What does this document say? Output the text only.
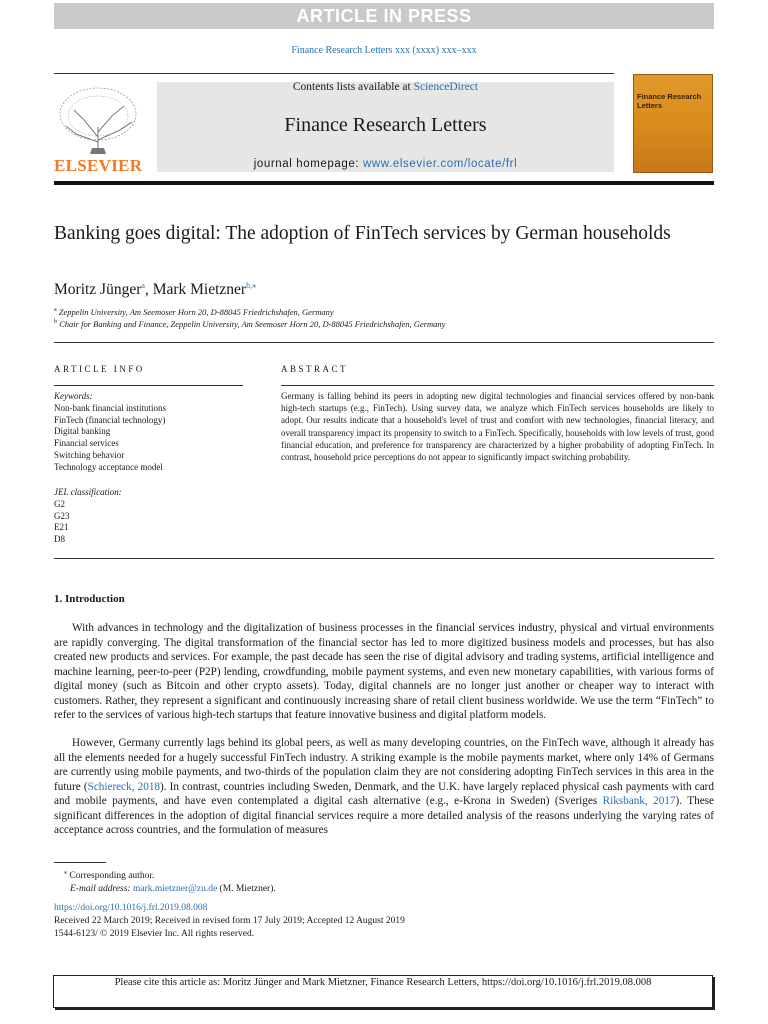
ARTICLE IN PRESS
Finance Research Letters xxx (xxxx) xxx–xxx
ELSEVIER
Contents lists available at ScienceDirect
Finance Research Letters
journal homepage: www.elsevier.com/locate/frl
Finance Research Letters
Banking goes digital: The adoption of FinTech services by German households
Moritz Jünger$^a$, Mark Mietzner$^{b,⁎}$
$^a$ Zeppelin University, Am Seemoser Horn 20, D-88045 Friedrichshafen, Germany
$^b$ Chair for Banking and Finance, Zeppelin University, Am Seemoser Horn 20, D-88045 Friedrichshafen, Germany
ARTICLE INFO	ABSTRACT
Keywords:
Non-bank financial institutions
FinTech (financial technology)
Digital banking
Financial services
Switching behavior
Technology acceptance model
JEL classification:
G2
G23
E21
D8
Germany is falling behind its peers in adopting new digital technologies and financial services offered by non-bank high-tech startups (e.g., FinTech). Using survey data, we analyze which FinTech services households are likely to adopt. Our results indicate that a household's level of trust and comfort with new technologies, financial literacy, and overall transparency impact its propensity to switch to a FinTech. Specifically, households with low levels of trust, good financial education, and preference for transparency are characterized by a higher probability of adopting FinTech. In contrast, household price perceptions do not appear to significantly impact switching probability.
1. Introduction
With advances in technology and the digitalization of business processes in the financial services industry, physical and virtual environments are rapidly converging. The digital transformation of the financial sector has led to more digitized business models and processes, but has also created new products and services. For example, the past decade has seen the rise of digital advisory and trading systems, artificial intelligence and machine learning, peer-to-peer (P2P) lending, crowdfunding, mobile payment systems, and even new monetary capabilities, with various forms of digital money (such as Bitcoin and other crypto assets). Today, digital channels are no longer just another or cheaper way to interact with customers. Rather, they represent a significant and continuously increasing share of retail client business worldwide. We use the term “FinTech” to refer to the services of various high-tech startups that feature innovative business and digital platform models.
However, Germany currently lags behind its global peers, as well as many developing countries, on the FinTech wave, although it already has all the elements needed for a hugely successful FinTech industry. A striking example is the mobile payments market, where only 14% of Germans are currently using mobile payments, and two-thirds of the population claim they are not considering adopting FinTech services in this area in the future (Schiereck, 2018). In contrast, countries including Sweden, Denmark, and the U.K. have largely replaced physical cash payments with card and mobile payments, and have even contemplated a digital cash alternative (e.g., e-Krona in Sweden) (Sveriges Riksbank, 2017). These significant differences in the adoption of digital financial services require a more detailed analysis of the reasons underlying the varying rates of acceptance across countries, and the formulation of measures
⁎ Corresponding author.
E-mail address: mark.mietzner@zu.de (M. Mietzner).
https://doi.org/10.1016/j.frl.2019.08.008
Received 22 March 2019; Received in revised form 17 July 2019; Accepted 12 August 2019
1544-6123/ © 2019 Elsevier Inc. All rights reserved.
Please cite this article as: Moritz Jünger and Mark Mietzner, Finance Research Letters, https://doi.org/10.1016/j.frl.2019.08.008
